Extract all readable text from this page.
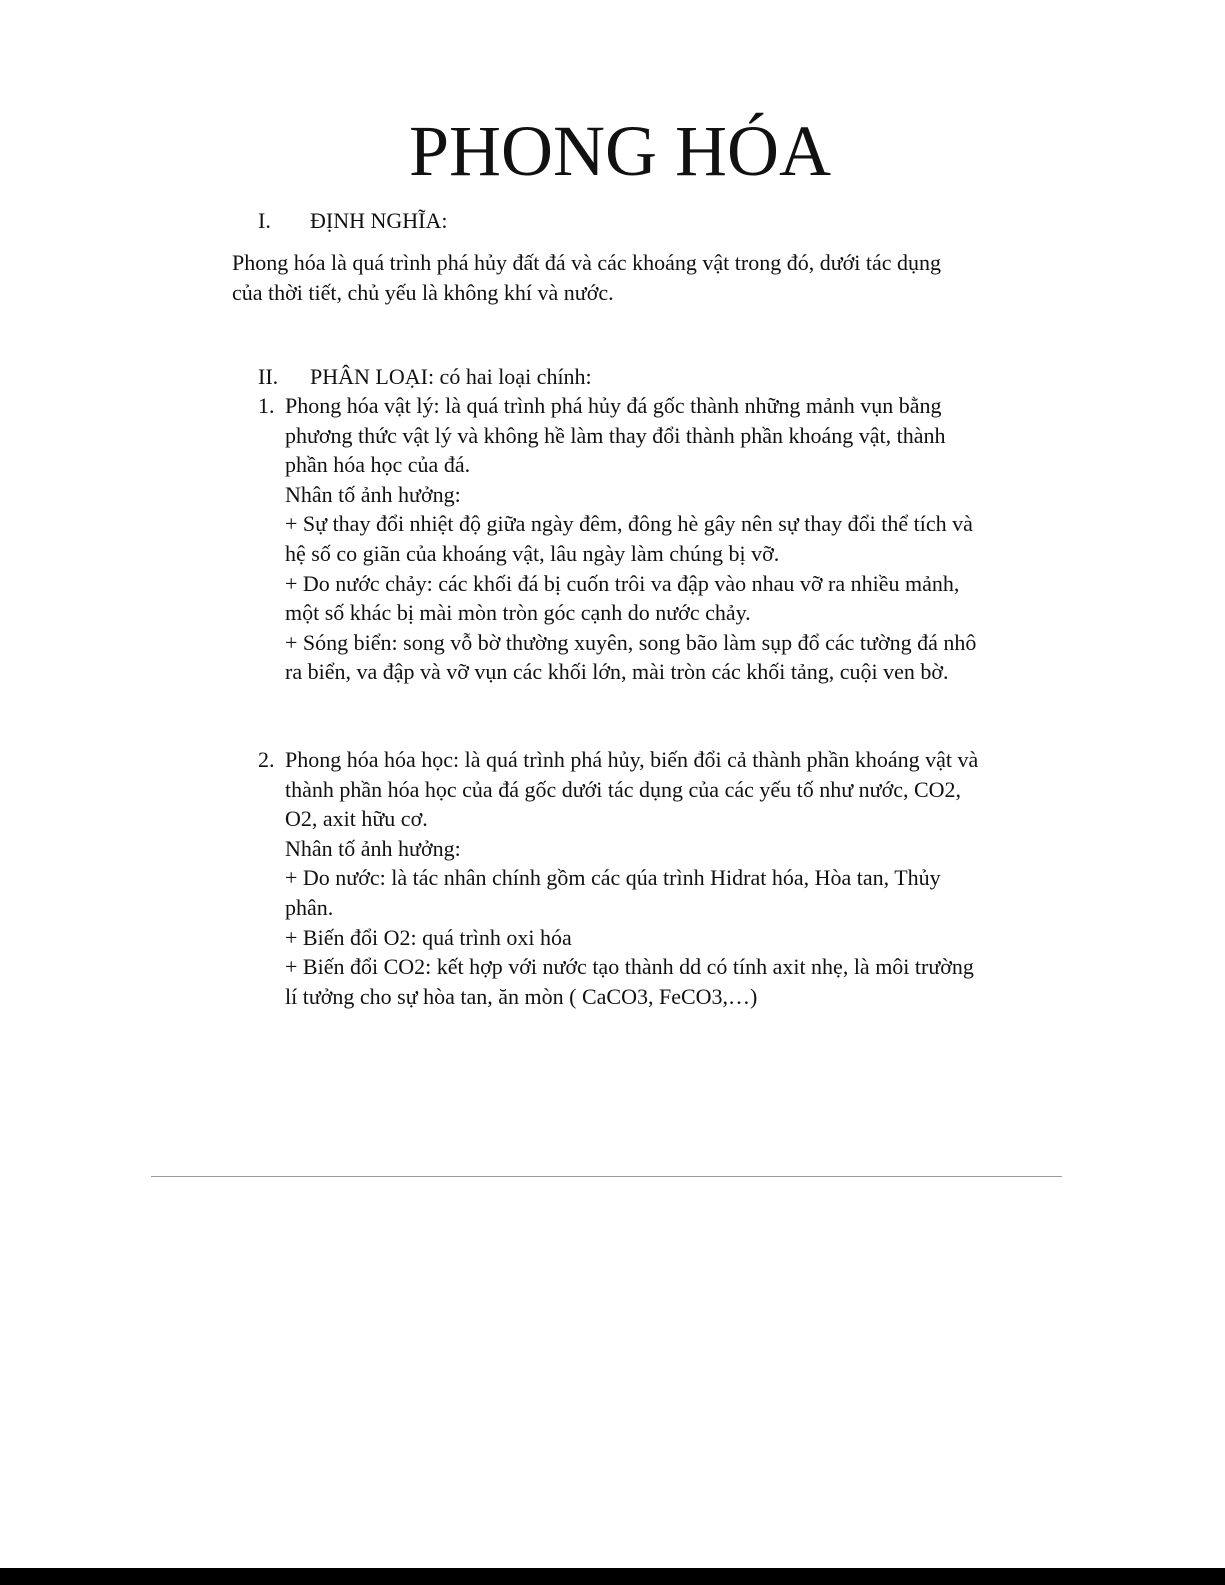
PHONG HÓA
I. ĐỊNH NGHĨA:

Phong hóa là quá trình phá hủy đất đá và các khoáng vật trong đó, dưới tác dụng của thời tiết, chủ yếu là không khí và nước.

II. PHÂN LOẠI: có hai loại chính:
1. Phong hóa vật lý: là quá trình phá hủy đá gốc thành những mảnh vụn bằng phương thức vật lý và không hề làm thay đổi thành phần khoáng vật, thành phần hóa học của đá.

Nhân tố ảnh hưởng:

+ Sự thay đổi nhiệt độ giữa ngày đêm, đông hè gây nên sự thay đổi thể tích và hệ số co giãn của khoáng vật, lâu ngày làm chúng bị vỡ.

+ Do nước chảy: các khối đá bị cuốn trôi va đập vào nhau vỡ ra nhiều mảnh, một số khác bị mài mòn tròn góc cạnh do nước chảy.

+ Sóng biển: song vỗ bờ thường xuyên, song bão làm sụp đổ các tường đá nhô ra biển, va đập và vỡ vụn các khối lớn, mài tròn các khối tảng, cuội ven bờ.

2. Phong hóa hóa học: là quá trình phá hủy, biến đổi cả thành phần khoáng vật và thành phần hóa học của đá gốc dưới tác dụng của các yếu tố như nước, CO2, O2, axit hữu cơ.

Nhân tố ảnh hưởng:

+ Do nước: là tác nhân chính gồm các qúa trình Hidrat hóa, Hòa tan, Thủy phân.

+ Biến đổi O2: quá trình oxi hóa

+ Biến đổi CO2: kết hợp với nước tạo thành dd có tính axit nhẹ, là môi trường lí tưởng cho sự hòa tan, ăn mòn ( CaCO3, FeCO3,…)
